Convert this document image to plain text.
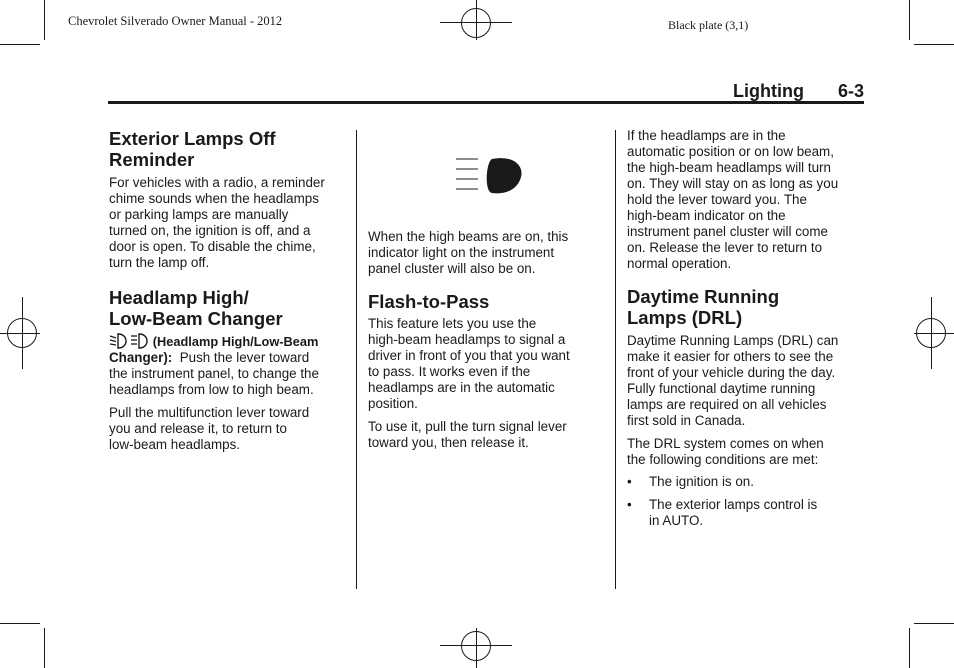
Chevrolet Silverado Owner Manual - 2012	Black plate (3,1)
Lighting 6-3
Exterior Lamps Off Reminder

For vehicles with a radio, a reminder

chime sounds when the headlamps

or parking lamps are manually

turned on, the ignition is off, and a

door is open. To disable the chime,

turn the lamp off.

Headlamp High/
Low-Beam Changer

(Headlamp High/Low-Beam

Changer): Push the lever toward

the instrument panel, to change the

headlamps from low to high beam.

Pull the multifunction lever toward

you and release it, to return to

low-beam headlamps.

When the high beams are on, this

indicator light on the instrument

panel cluster will also be on.

Flash-to-Pass

This feature lets you use the

high-beam headlamps to signal a

driver in front of you that you want

to pass. It works even if the

headlamps are in the automatic

position.

To use it, pull the turn signal lever

toward you, then release it.

If the headlamps are in the

automatic position or on low beam,

the high-beam headlamps will turn

on. They will stay on as long as you

hold the lever toward you. The

high-beam indicator on the

instrument panel cluster will come

on. Release the lever to return to

normal operation.

Daytime Running
Lamps (DRL)

Daytime Running Lamps (DRL) can

make it easier for others to see the

front of your vehicle during the day.

Fully functional daytime running

lamps are required on all vehicles

first sold in Canada.

The DRL system comes on when

the following conditions are met:

• The ignition is on.
• The exterior lamps control is

in AUTO.
